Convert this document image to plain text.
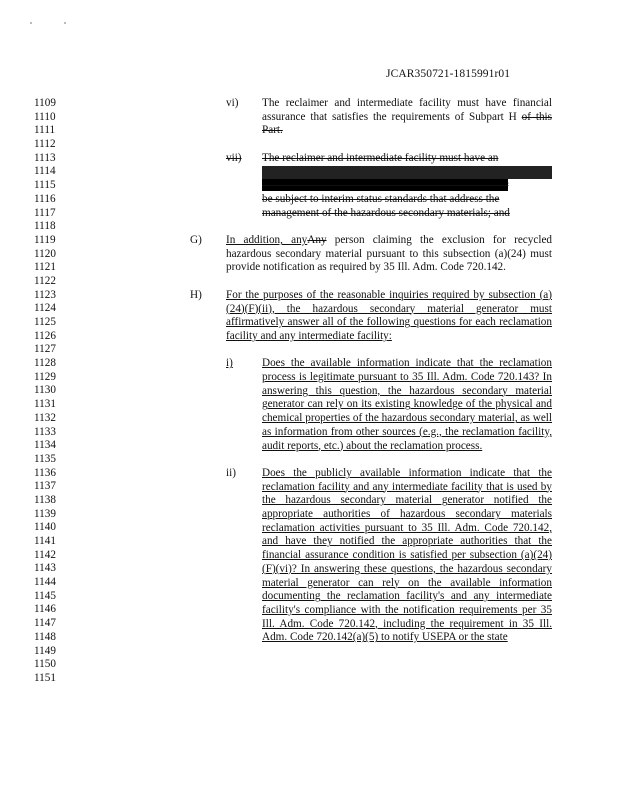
JCAR350721-1815991r01
1109
1110
1111
1112
1113
1114
1115
1116
1117
1118
1119
1120
1121
1122
1123
1124
1125
1126
1127
1128
1129
1130
1131
1132
1133
1134
1135
1136
1137
1138
1139
1140
1141
1142
1143
1144
1145
1146
1147
1148
1149
1150
1151
vi) The reclaimer and intermediate facility must have financial assurance that satisfies the requirements of Subpart H of this Part.
vii) The reclaimer and intermediate facility must have an
applicable permit or the reclaimer must be subject to 35 Ill.
Adm. Code 703 and any intermediate facility permit or
be subject to interim status standards that address the
management of the hazardous secondary materials; and
G) In addition, anyAny person claiming the exclusion for recycled hazardous secondary material pursuant to this subsection (a)(24) must provide notification as required by 35 Ill. Adm. Code 720.142.
H) For the purposes of the reasonable inquiries required by subsection (a)(24)(F)(ii), the hazardous secondary material generator must affirmatively answer all of the following questions for each reclamation facility and any intermediate facility:
i)	Does the available information indicate that the reclamation process is legitimate pursuant to 35 Ill. Adm. Code 720.143? In answering this question, the hazardous secondary material generator can rely on its existing knowledge of the physical and chemical properties of the hazardous secondary material, as well as information from other sources (e.g., the reclamation facility, audit reports, etc.) about the reclamation process.
ii) Does the publicly available information indicate that the reclamation facility and any intermediate facility that is used by the hazardous secondary material generator notified the appropriate authorities of hazardous secondary materials reclamation activities pursuant to 35 Ill. Adm. Code 720.142, and have they notified the appropriate authorities that the financial assurance condition is satisfied per subsection (a)(24)(F)(vi)? In answering these questions, the hazardous secondary material generator can rely on the available information documenting the reclamation facility's and any intermediate facility's compliance with the notification requirements per 35 Ill. Adm. Code 720.142, including the requirement in 35 Ill. Adm. Code 720.142(a)(5) to notify USEPA or the state
